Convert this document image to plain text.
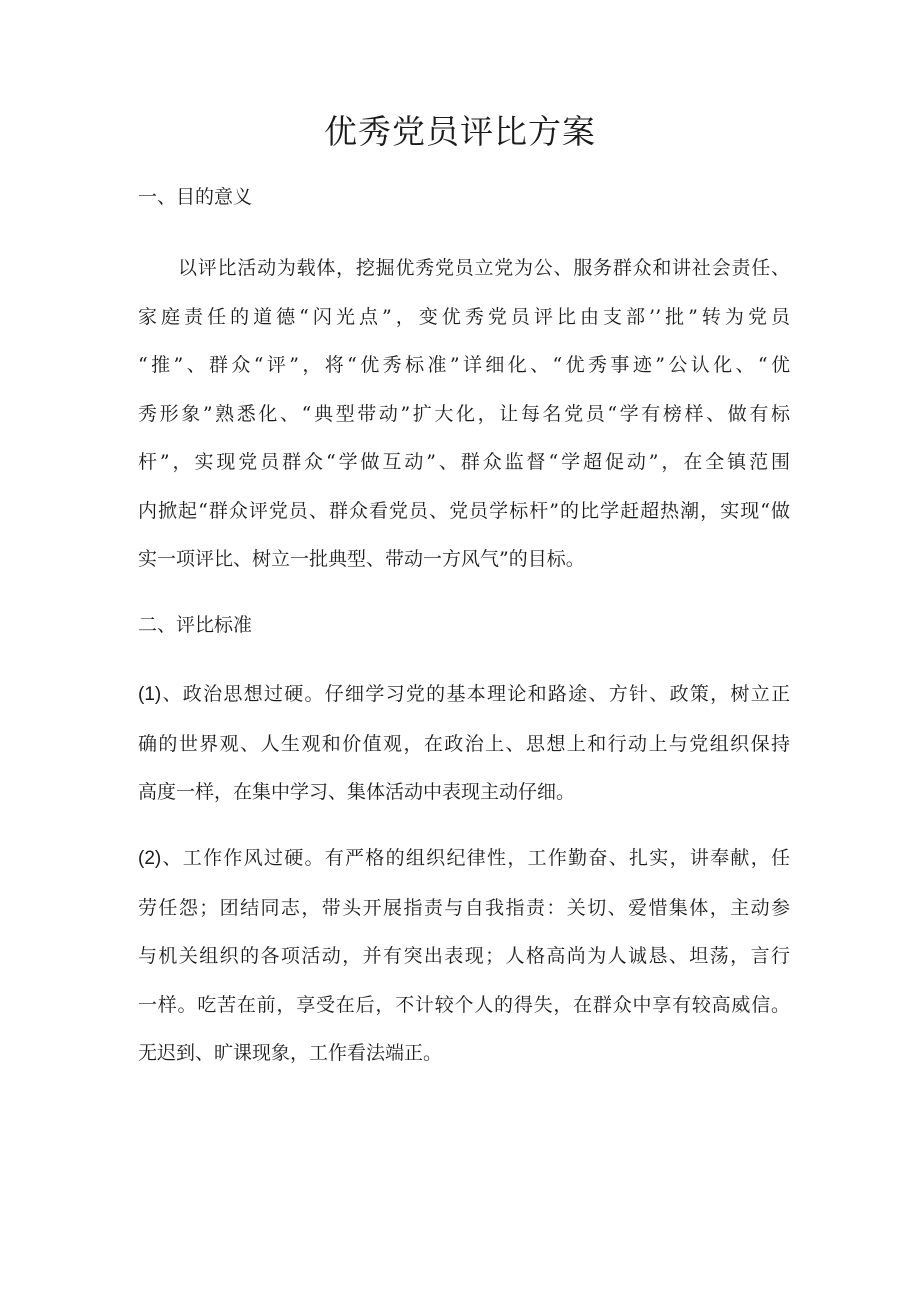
优秀党员评比方案
一、目的意义
以评比活动为载体，挖掘优秀党员立党为公、服务群众和讲社会责任、
家庭责任的道德“闪光点”，变优秀党员评比由支部’’批”转为党员
“推”、群众“评”，将“优秀标准”详细化、“优秀事迹”公认化、“优
秀形象”熟悉化、“典型带动”扩大化，让每名党员“学有榜样、做有标
杆”，实现党员群众“学做互动”、群众监督“学超促动”，在全镇范围
内掀起“群众评党员、群众看党员、党员学标杆”的比学赶超热潮，实现“做
实一项评比、树立一批典型、带动一方风气”的目标。
二、评比标准
(1)、政治思想过硬。仔细学习党的基本理论和路途、方针、政策，树立正
确的世界观、人生观和价值观，在政治上、思想上和行动上与党组织保持
高度一样，在集中学习、集体活动中表现主动仔细。
(2)、工作作风过硬。有严格的组织纪律性，工作勤奋、扎实，讲奉献，任
劳任怨；团结同志，带头开展指责与自我指责：关切、爱惜集体，主动参
与机关组织的各项活动，并有突出表现；人格高尚为人诚恳、坦荡，言行
一样。吃苦在前，享受在后，不计较个人的得失，在群众中享有较高威信。
无迟到、旷课现象，工作看法端正。
